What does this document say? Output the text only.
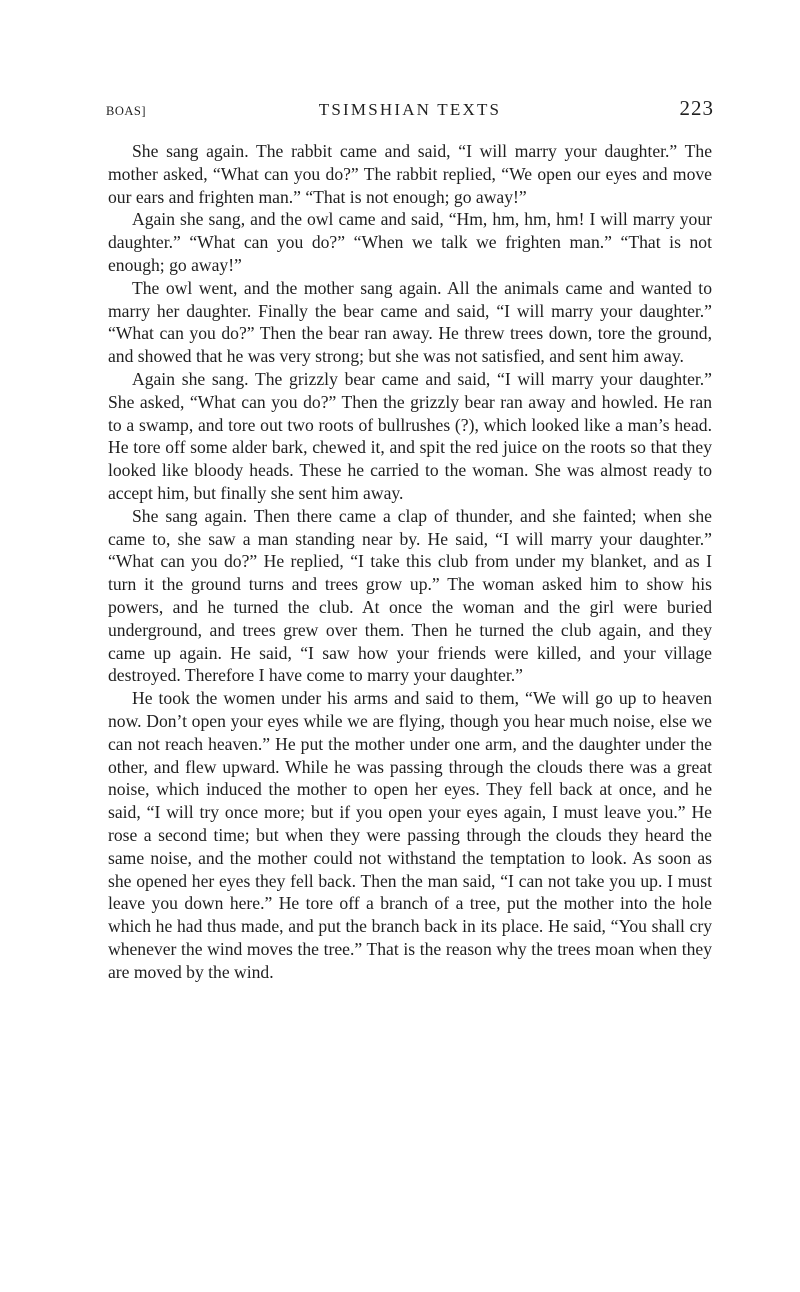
BOAS]	TSIMSHIAN TEXTS	223

She sang again. The rabbit came and said, “I will marry your daughter.” The mother asked, “What can you do?” The rabbit replied, “We open our eyes and move our ears and frighten man.” “That is not enough; go away!”

Again she sang, and the owl came and said, “Hm, hm, hm, hm! I will marry your daughter.” “What can you do?” “When we talk we frighten man.” “That is not enough; go away!”

The owl went, and the mother sang again. All the animals came and wanted to marry her daughter. Finally the bear came and said, “I will marry your daughter.” “What can you do?” Then the bear ran away. He threw trees down, tore the ground, and showed that he was very strong; but she was not satisfied, and sent him away.

Again she sang. The grizzly bear came and said, “I will marry your daughter.” She asked, “What can you do?” Then the grizzly bear ran away and howled. He ran to a swamp, and tore out two roots of bullrushes (?), which looked like a man’s head. He tore off some alder bark, chewed it, and spit the red juice on the roots so that they looked like bloody heads. These he carried to the woman. She was almost ready to accept him, but finally she sent him away.

She sang again. Then there came a clap of thunder, and she fainted; when she came to, she saw a man standing near by. He said, “I will marry your daughter.” “What can you do?” He replied, “I take this club from under my blanket, and as I turn it the ground turns and trees grow up.” The woman asked him to show his powers, and he turned the club. At once the woman and the girl were buried underground, and trees grew over them. Then he turned the club again, and they came up again. He said, “I saw how your friends were killed, and your village destroyed. Therefore I have come to marry your daughter.”

He took the women under his arms and said to them, “We will go up to heaven now. Don’t open your eyes while we are flying, though you hear much noise, else we can not reach heaven.” He put the mother under one arm, and the daughter under the other, and flew upward. While he was passing through the clouds there was a great noise, which induced the mother to open her eyes. They fell back at once, and he said, “I will try once more; but if you open your eyes again, I must leave you.” He rose a second time; but when they were passing through the clouds they heard the same noise, and the mother could not withstand the temptation to look. As soon as she opened her eyes they fell back. Then the man said, “I can not take you up. I must leave you down here.” He tore off a branch of a tree, put the mother into the hole which he had thus made, and put the branch back in its place. He said, “You shall cry whenever the wind moves the tree.” That is the reason why the trees moan when they are moved by the wind.
